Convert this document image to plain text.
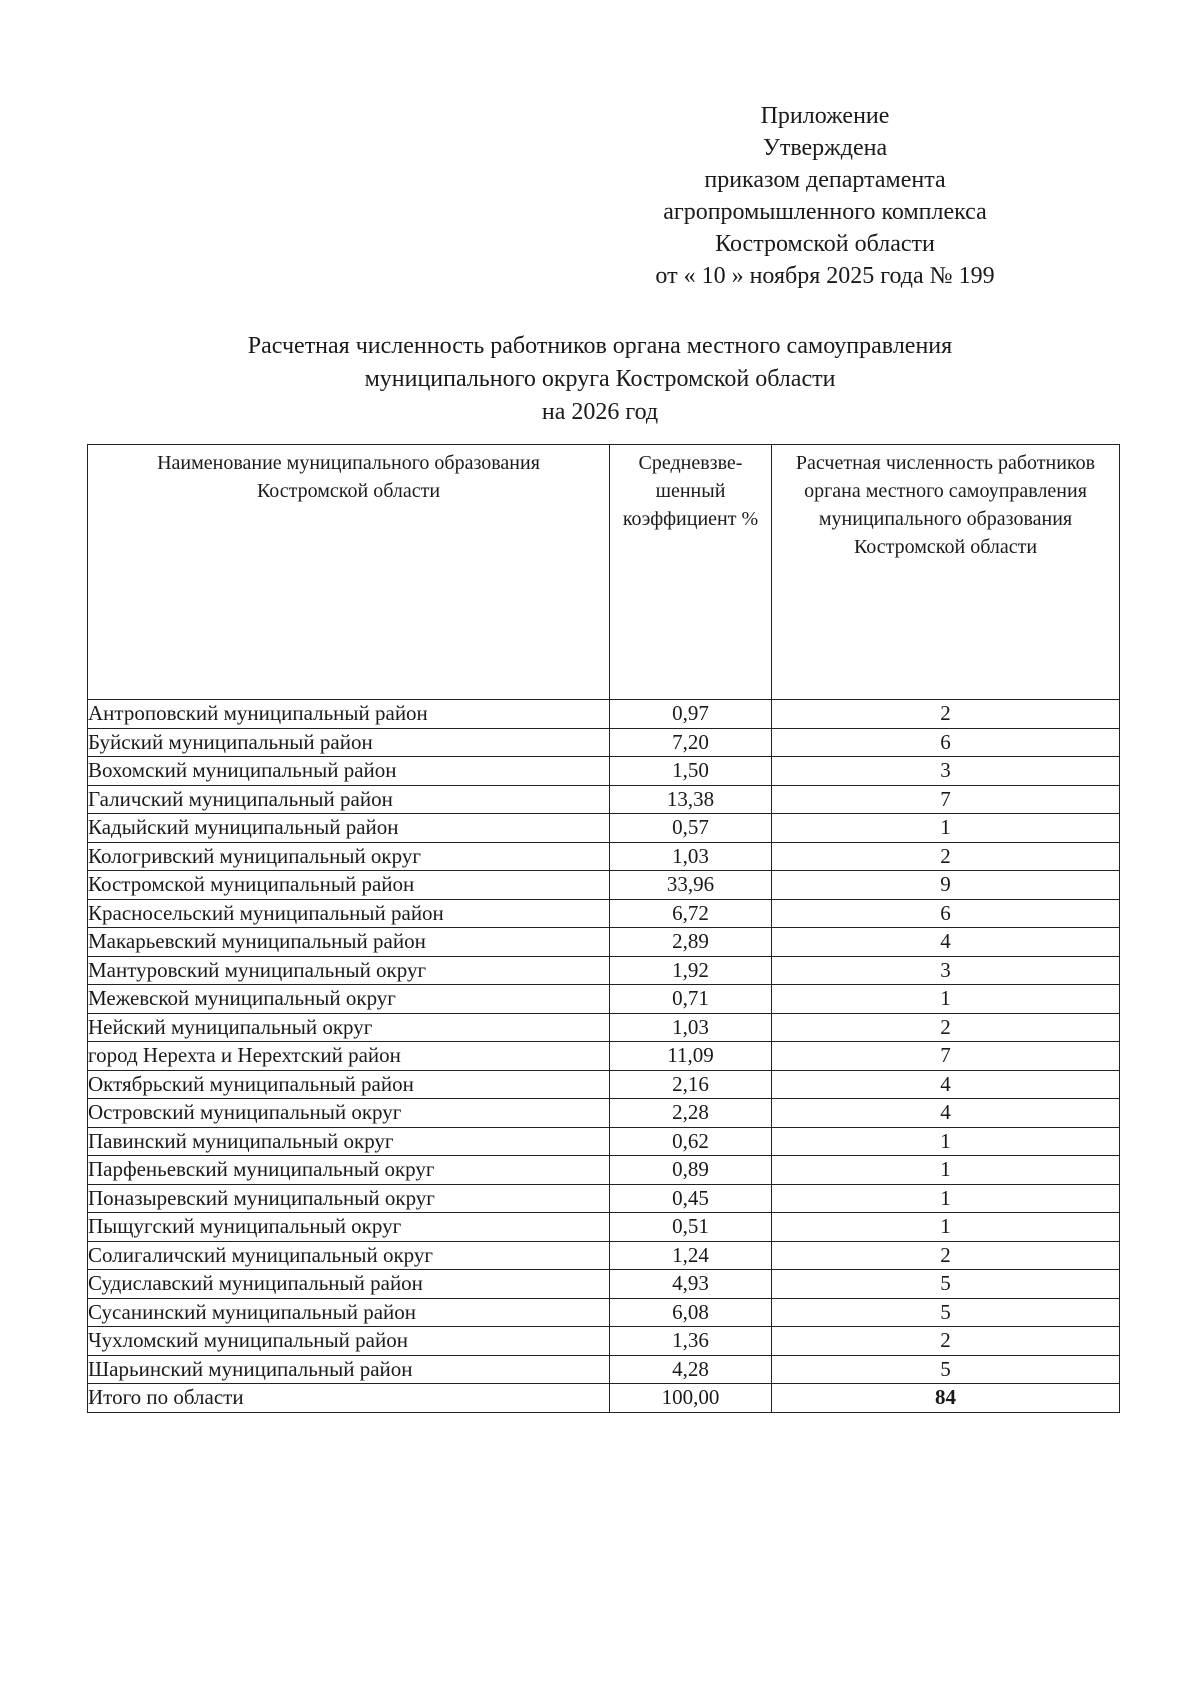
Приложение
Утверждена
приказом департамента
агропромышленного комплекса
Костромской области
от « 10 » ноября 2025 года № 199
Расчетная численность работников органа местного самоуправления
муниципального округа Костромской области
на 2026 год
Наименование муниципального образования Костромской области	Средневзве-шенный коэффициент %	Расчетная численность работников органа местного самоуправления муниципального образования Костромской области
Антроповский муниципальный район	0,97	2
Буйский муниципальный район	7,20	6
Вохомский муниципальный район	1,50	3
Галичский муниципальный район	13,38	7
Кадыйский муниципальный район	0,57	1
Кологривский муниципальный округ	1,03	2
Костромской муниципальный район	33,96	9
Красносельский муниципальный район	6,72	6
Макарьевский муниципальный район	2,89	4
Мантуровский муниципальный округ	1,92	3
Межевской муниципальный округ	0,71	1
Нейский муниципальный округ	1,03	2
город Нерехта и Нерехтский район	11,09	7
Октябрьский муниципальный район	2,16	4
Островский муниципальный округ	2,28	4
Павинский муниципальный округ	0,62	1
Парфеньевский муниципальный округ	0,89	1
Поназыревский муниципальный округ	0,45	1
Пыщугский муниципальный округ	0,51	1
Солигаличский муниципальный округ	1,24	2
Судиславский муниципальный район	4,93	5
Сусанинский муниципальный район	6,08	5
Чухломский муниципальный район	1,36	2
Шарьинский муниципальный район	4,28	5
Итого по области	100,00	84
